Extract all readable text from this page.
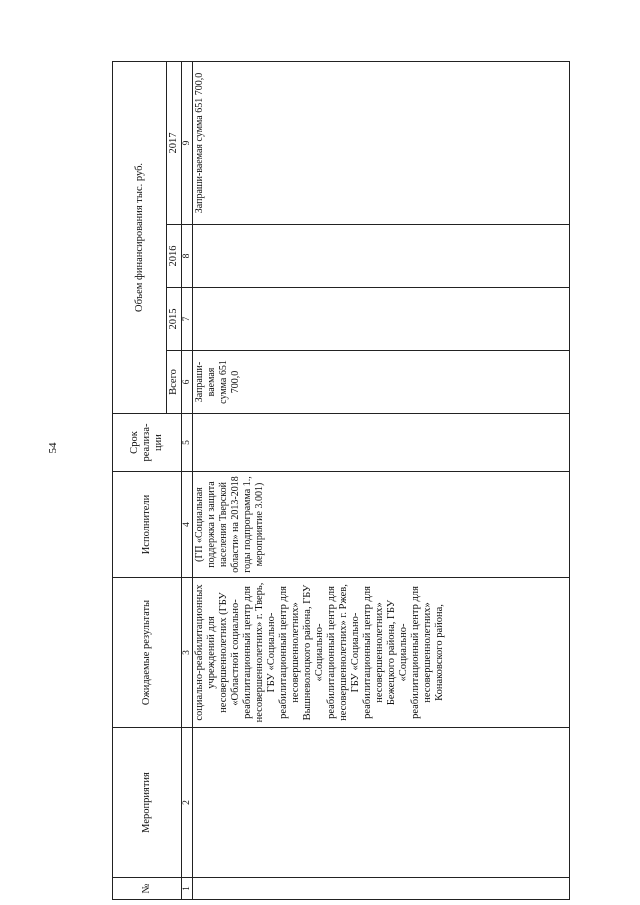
54
№	Мероприятия	Ожидаемые результаты	Исполнители	Срок реализа-ции	Объем финансирования тыс. руб.			
					Всего	2015	2016	2017
1	2	3	4	5	6	7	8	9
		социально-реабилитационных учреждений для несовершеннолетних (ГБУ «Областной социально-реабилитационный центр для несовершеннолетних» г. Тверь, ГБУ «Социально-реабилитационный центр для несовершеннолетних» Вышневолоцкого района, ГБУ «Социально-реабилитационный центр для несовершеннолетних» г. Ржев, ГБУ «Социально-реабилитационный центр для несовершеннолетних» Бежецкого района, ГБУ «Социально-реабилитационный центр для несовершеннолетних» Конаковского района,	(ГП «Социальная поддержка и защита населения Тверской области» на 2013-2018 годы подпрограмма 1., мероприятие 3.001)		Запраши-ваемая сумма 651 700,0			Запраши-ваемая сумма 651 700,0
